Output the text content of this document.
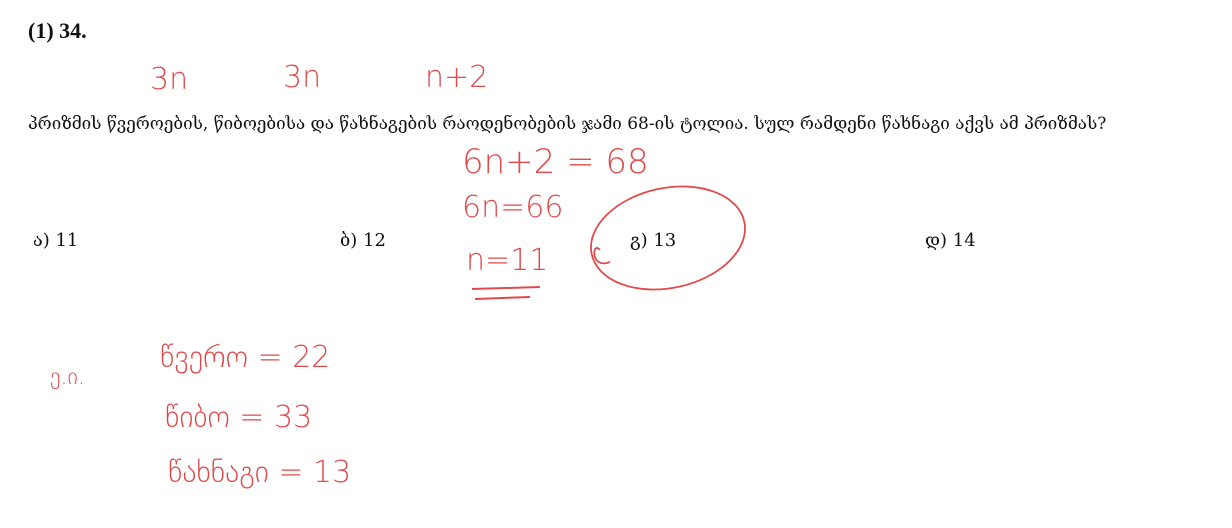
(1) 34.
3n	3n	n+2
პრიზმის წვეროების, წიბოებისა და წახნაგების რაოდენობების ჯამი 68-ის ტოლია. სულ რამდენი წახნაგი აქვს ამ პრიზმას?
6n+2 = 68
6n=66
n=11
ა) 11	ბ) 12	გ) 13	დ) 14
ე.ი.
წვერო = 22
წიბო = 33
წახნაგი = 13
